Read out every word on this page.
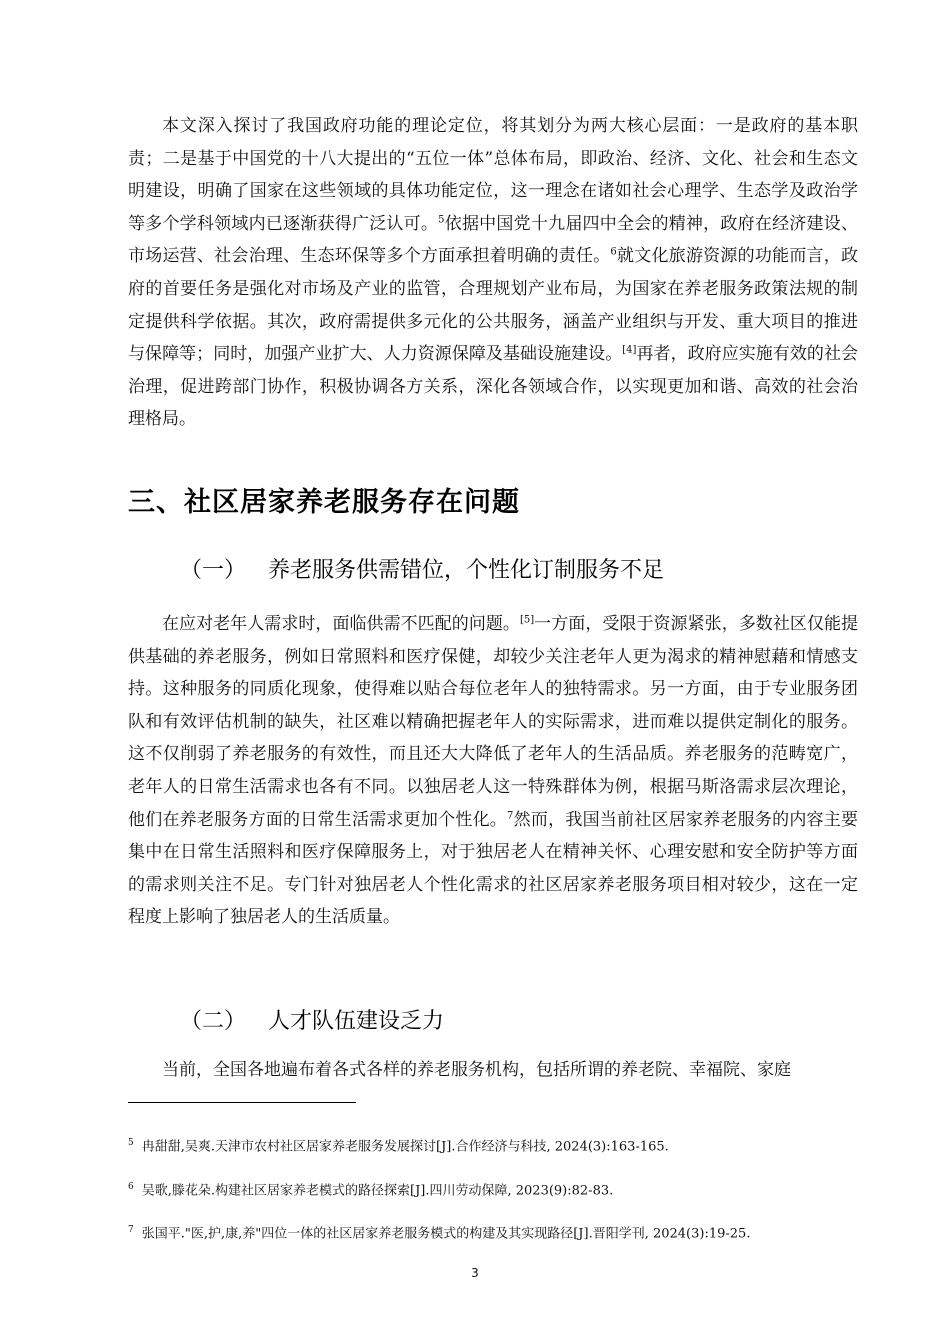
本文深入探讨了我国政府功能的理论定位，将其划分为两大核心层面：一是政府的基本职责；二是基于中国党的十八大提出的“五位一体”总体布局，即政治、经济、文化、社会和生态文明建设，明确了国家在这些领域的具体功能定位，这一理念在诸如社会心理学、生态学及政治学等多个学科领域内已逐渐获得广泛认可。$^5$依据中国党十九届四中全会的精神，政府在经济建设、市场运营、社会治理、生态环保等多个方面承担着明确的责任。$^6$就文化旅游资源的功能而言，政府的首要任务是强化对市场及产业的监管，合理规划产业布局，为国家在养老服务政策法规的制定提供科学依据。其次，政府需提供多元化的公共服务，涵盖产业组织与开发、重大项目的推进与保障等；同时，加强产业扩大、人力资源保障及基础设施建设。[4]再者，政府应实施有效的社会治理，促进跨部门协作，积极协调各方关系，深化各领域合作，以实现更加和谐、高效的社会治理格局。

三、社区居家养老服务存在问题
（一） 养老服务供需错位，个性化订制服务不足

在应对老年人需求时，面临供需不匹配的问题。[5]一方面，受限于资源紧张，多数社区仅能提供基础的养老服务，例如日常照料和医疗保健，却较少关注老年人更为渴求的精神慰藉和情感支持。这种服务的同质化现象，使得难以贴合每位老年人的独特需求。另一方面，由于专业服务团队和有效评估机制的缺失，社区难以精确把握老年人的实际需求，进而难以提供定制化的服务。这不仅削弱了养老服务的有效性，而且还大大降低了老年人的生活品质。养老服务的范畴宽广，老年人的日常生活需求也各有不同。以独居老人这一特殊群体为例，根据马斯洛需求层次理论，他们在养老服务方面的日常生活需求更加个性化。$^7$然而，我国当前社区居家养老服务的内容主要集中在日常生活照料和医疗保障服务上，对于独居老人在精神关怀、心理安慰和安全防护等方面的需求则关注不足。专门针对独居老人个性化需求的社区居家养老服务项目相对较少，这在一定程度上影响了独居老人的生活质量。

（二） 人才队伍建设乏力

当前，全国各地遍布着各式各样的养老服务机构，包括所谓的养老院、幸福院、家庭

$^5$ 冉甜甜,吴爽.天津市农村社区居家养老服务发展探讨[J].合作经济与科技, 2024(3):163-165.

$^6$ 吴歌,滕花朵.构建社区居家养老模式的路径探索[J].四川劳动保障, 2023(9):82-83.

$^7$ 张国平."医,护,康,养"四位一体的社区居家养老服务模式的构建及其实现路径[J].晋阳学刊, 2024(3):19-25.

3
